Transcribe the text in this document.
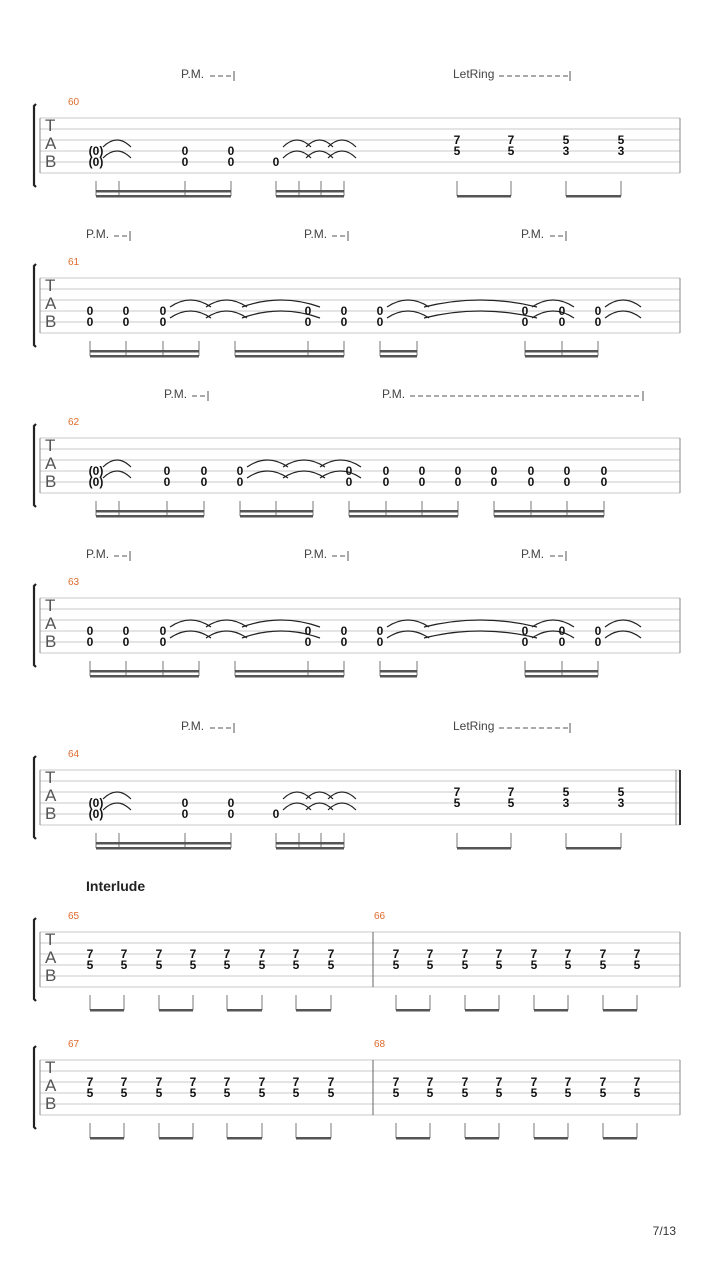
Interlude
7/13
T
A
B
60
P.M.	LetRing
(0)
(0)
0
0
0
0	0
7
5
7
5
5
3
5
3
T
A
B
61
P.M.	P.M.	P.M.
0
0
0
0
0
0
0
0
0
0
0
0
0
0
0
0
0
0
T
A
B
62
P.M.	P.M.
(0)
(0)
0
0
0
0
0
0
0
0
0
0
0
0
0
0
0
0
0
0
0
0
0
0
T
A
B
63
P.M.	P.M.	P.M.
0
0
0
0
0
0
0
0
0
0
0
0
0
0
0
0
0
0
T
A
B
64
P.M.	LetRing
(0)
(0)
0
0
0
0	0
7
5
7
5
5
3
5
3
T
A
B
65	66
7
5
7
5
7
5
7
5
7
5
7
5
7
5
7
5
7
5
7
5
7
5
7
5
7
5
7
5
7
5
7
5
T
A
B
67	68
7
5
7
5
7
5
7
5
7
5
7
5
7
5
7
5
7
5
7
5
7
5
7
5
7
5
7
5
7
5
7
5
